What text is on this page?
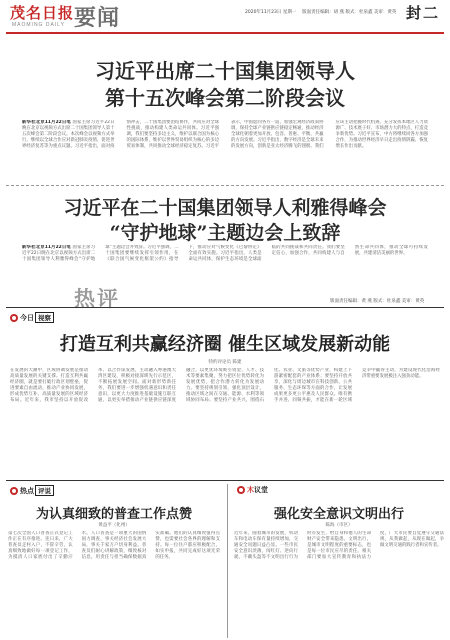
茂名日报
MAOMING DAILY 要闻	2020年11月23日 星期一 版面责任编辑：胡 燕 版式：杜泉鑫 美审：黄英 封二
习近平出席二十国集团领导人
第十五次峰会第二阶段会议
新华社北京11月22日电 国家主席习近平22日晚在北京以视频方式出席二十国集团领导人第十五次峰会第二阶段会议。本次峰会以视频方式举行，继续以全球合作应对新冠肺炎疫情、促进世界经济复苏等为重点议题。习近平指出，面对疫情冲击，二十国集团要团结协作，共同应对全球性挑战，推动构建人类命运共同体。习近平强调，我们要坚持多边主义，维护以联合国为核心的国际体系，维护以世界贸易组织为核心的多边贸易体制，共同推动全球经济稳定复苏。习近平表示，中国愿同各方一道，加强宏观经济政策协调，保持全球产业链供应链稳定畅通，推动经济全球化朝着更加开放、包容、普惠、平衡、共赢的方向发展。习近平指出，数字经济是全球未来的发展方向，创新是亚太经济腾飞的翅膀。我们应该主动把握时代机遇，充分发挥本地区人力资源广、技术底子好、市场潜力大的特点，打造竞争新优势。习近平宣布，中方将继续同各方加强合作，为推动世界经济早日走出疫情阴霾、恢复增长作出贡献。
习近平在二十国集团领导人利雅得峰会
“守护地球”主题边会上致辞
新华社北京11月22日电 国家主席习近平22日晚在北京以视频方式出席二十国集团领导人利雅得峰会“守护地球”主题边会并致辞。习近平强调，二十国集团要继续发挥引领作用，在《联合国气候变化框架公约》指导下，推动应对气候变化《巴黎协定》全面有效实施。习近平指出，人类是命运共同体，保护生态环境是全球面临的共同挑战和共同责任。我们要坚定信心，加强合作，共同构建人与自然生命共同体，推动全球可持续发展，共建清洁美丽的世界。
热评	版面责任编辑：黄 燕 版式：杜泉鑫 美审：黄英
今日 视察
打造互利共赢经济圈 催生区域发展新动能
特约评论员 陈建
在发展的大潮中，区域协调发展是推动高质量发展的关键支撑。打造互利共赢经济圈，就是要打破行政区划壁垒，促进要素自由流动，推动产业协同发展，形成优势互补、高质量发展的区域经济布局。近年来，我市坚持以开放促改革、以合作谋发展，主动融入粤港澳大湾区建设，积极对接深圳先行示范区，不断拓展发展空间。面对新形势新任务，我们要进一步增强机遇意识和责任意识，以更大力度推进基础设施互联互通，以更实举措推动产业链供应链深度融合，以更优环境吸引资金、人才、技术等要素集聚，努力把区位优势转化为发展优势，把合作潜力转化为发展动力。要坚持规划引领，强化顶层设计，推动区域之间在交通、能源、水利等领域协同布局；要坚持产业共兴，围绕石化、农业、文旅等优势产业，构建上下游紧密配套的产业体系；要坚持开放共享，深化与周边城市在科技创新、公共服务、生态环保等方面的合作，让发展成果更多更公平惠及人民群众。唯有携手并进、同频共振，才能在新一轮区域竞争中赢得主动，为建设现代化沿海经济带重要发展极注入强劲动能。
热点 评说
为认真细致的普查工作点赞
黄益平（化州）
第七次全国人口普查正式登记工作正在有序推进。连日来，广大普查员走村入户，不辞辛劳，认真细致地做好每一项登记工作，为摸清人口家底付出了辛勤汗水。人口普查是一项重大的国情国力调查，事关经济社会发展大局，事关千家万户切身利益。普查员们耐心讲解政策，细致核对信息，用责任与担当确保数据真实准确。他们的认真细致值得点赞，也需要社会各界的理解和支持。每一位住户都应积极配合，如实申报，共同完成好这项光荣的任务。
木 议堂
强化安全意识文明出行
陈海（市区）
近年来，随着城市的发展，机动车和电动车保有量持续增加，交通安全问题日益凸显。一些市民安全意识淡薄，闯红灯、逆向行驶、不戴头盔等不文明出行行为时有发生，给自身和他人的生命财产安全带来隐患。文明出行，是城市文明程度的重要标志，也是每一位市民应尽的责任。相关部门要加大宣传教育和执法力度，广大市民要自觉遵守交通法规，从我做起，从现在做起，争做文明交通的践行者和宣传者。
